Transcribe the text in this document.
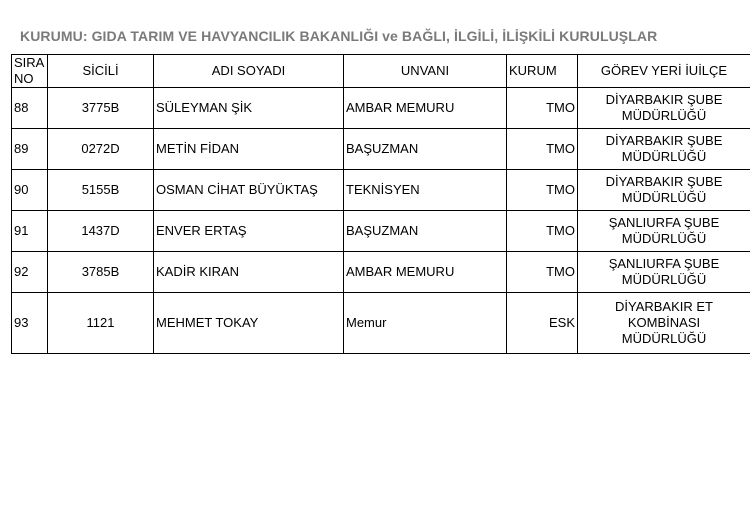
KURUMU: GIDA TARIM VE HAVYANCILIK BAKANLIĞI ve BAĞLI, İLGİLİ, İLİŞKİLİ KURULUŞLAR
SIRA
NO	SİCİLİ	ADI SOYADI	UNVANI	KURUM	GÖREV YERİ İUİLÇE
88	3775B	SÜLEYMAN ŞİK	AMBAR MEMURU	TMO	DİYARBAKIR ŞUBE
MÜDÜRLÜĞÜ

89	0272D	METİN FİDAN	BAŞUZMAN	TMO	DİYARBAKIR ŞUBE
MÜDÜRLÜĞÜ

90	5155B	OSMAN CİHAT BÜYÜKTAŞ	TEKNİSYEN	TMO	DİYARBAKIR ŞUBE
MÜDÜRLÜĞÜ

91	1437D	ENVER ERTAŞ	BAŞUZMAN	TMO	ŞANLIURFA ŞUBE
MÜDÜRLÜĞÜ

92	3785B	KADİR KIRAN	AMBAR MEMURU	TMO	ŞANLIURFA ŞUBE
MÜDÜRLÜĞÜ

93	1121	MEHMET TOKAY	Memur	ESK	DİYARBAKIR ET KOMBİNASI
MÜDÜRLÜĞÜ
